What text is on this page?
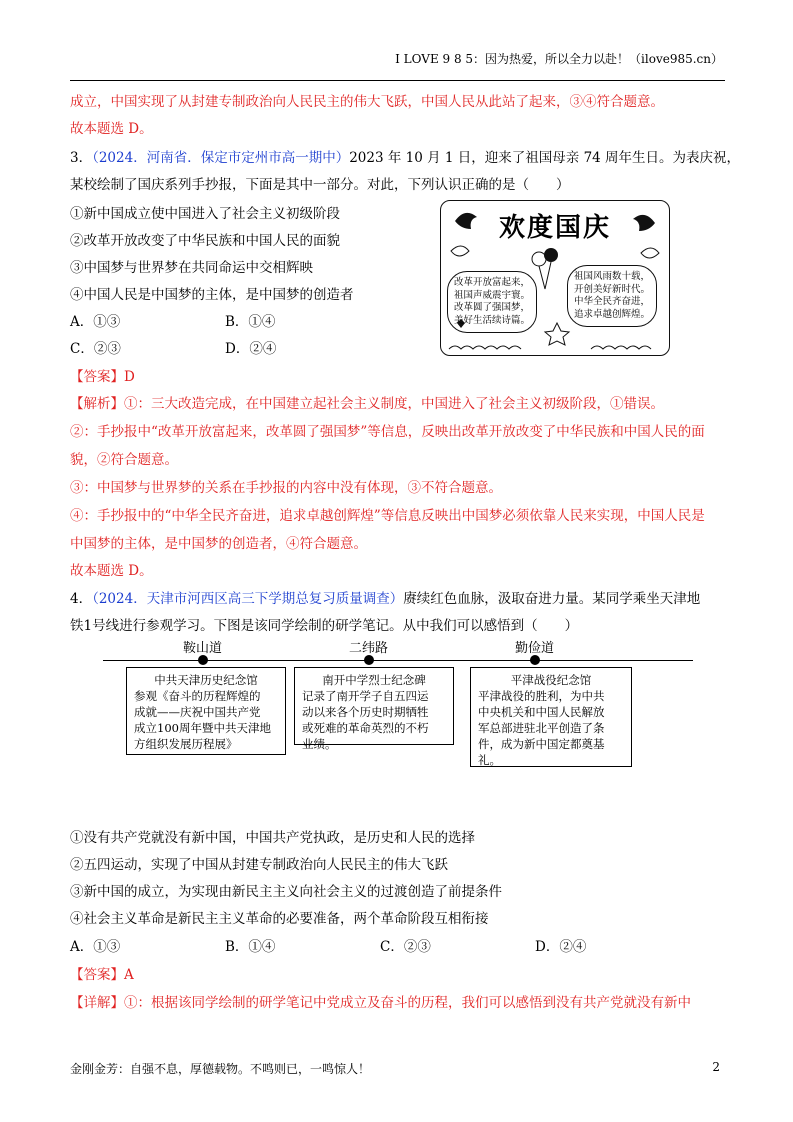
I LOVE 9 8 5：因为热爱，所以全力以赴！（ilove985.cn）
成立，中国实现了从封建专制政治向人民民主的伟大飞跃，中国人民从此站了起来，③④符合题意。
故本题选 D。
3．（2024．河南省．保定市定州市高一期中）2023 年 10 月 1 日，迎来了祖国母亲 74 周年生日。为表庆祝，
某校绘制了国庆系列手抄报，下面是其中一部分。对此，下列认识正确的是（　　）
①新中国成立使中国进入了社会主义初级阶段
②改革开放改变了中华民族和中国人民的面貌
③中国梦与世界梦在共同命运中交相辉映
④中国人民是中国梦的主体，是中国梦的创造者
A．①③	B．①④
C．②③	D．②④
欢度国庆
改革开放富起来，
祖国声威震宇寰。
改革圆了强国梦，
美好生活续诗篇。
祖国风雨数十载，
开创美好新时代。
中华全民齐奋进，
追求卓越创辉煌。
【答案】D
【解析】①：三大改造完成，在中国建立起社会主义制度，中国进入了社会主义初级阶段，①错误。
②：手抄报中“改革开放富起来，改革圆了强国梦”等信息，反映出改革开放改变了中华民族和中国人民的面
貌，②符合题意。
③：中国梦与世界梦的关系在手抄报的内容中没有体现，③不符合题意。
④：手抄报中的“中华全民齐奋进，追求卓越创辉煌”等信息反映出中国梦必须依靠人民来实现，中国人民是
中国梦的主体，是中国梦的创造者，④符合题意。
故本题选 D。
4．（2024．天津市河西区高三下学期总复习质量调查）赓续红色血脉，汲取奋进力量。某同学乘坐天津地
铁1号线进行参观学习。下图是该同学绘制的研学笔记。从中我们可以感悟到（　　）
鞍山道	二纬路	勤俭道
中共天津历史纪念馆
参观《奋斗的历程辉煌的
成就——庆祝中国共产党
成立100周年暨中共天津地
方组织发展历程展》
南开中学烈士纪念碑
记录了南开学子自五四运
动以来各个历史时期牺牲
或死难的革命英烈的不朽
业绩。
平津战役纪念馆
平津战役的胜利，为中共
中央机关和中国人民解放
军总部进驻北平创造了条
件，成为新中国定都奠基
礼。
①没有共产党就没有新中国，中国共产党执政，是历史和人民的选择
②五四运动，实现了中国从封建专制政治向人民民主的伟大飞跃
③新中国的成立，为实现由新民主主义向社会主义的过渡创造了前提条件
④社会主义革命是新民主主义革命的必要准备，两个革命阶段互相衔接
A．①③	B．①④	C．②③	D．②④
【答案】A
【详解】①：根据该同学绘制的研学笔记中党成立及奋斗的历程，我们可以感悟到没有共产党就没有新中
金刚金芳：自强不息，厚德载物。不鸣则已，一鸣惊人！	2
